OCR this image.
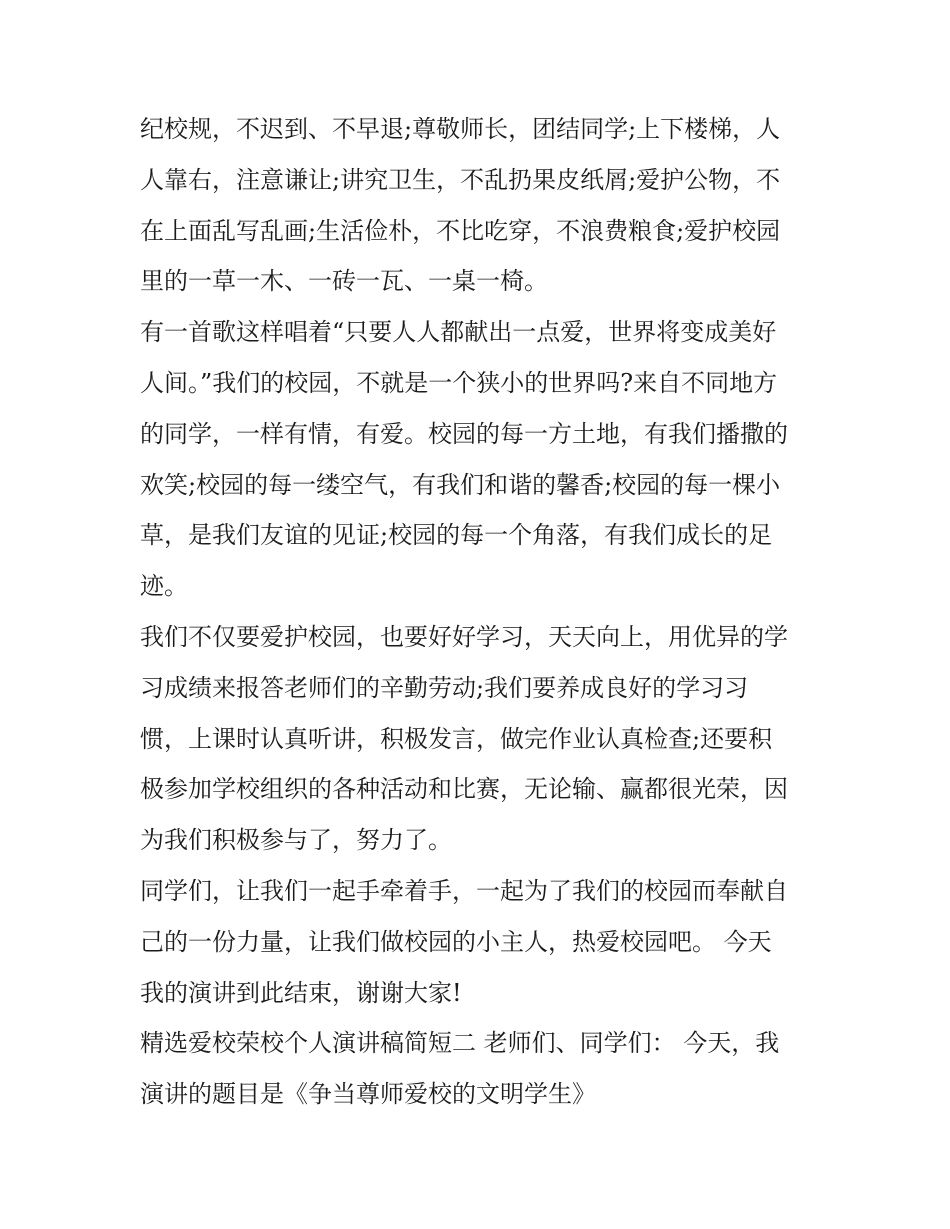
纪校规，不迟到、不早退;尊敬师长，团结同学;上下楼梯，人
人靠右，注意谦让;讲究卫生，不乱扔果皮纸屑;爱护公物，不
在上面乱写乱画;生活俭朴，不比吃穿，不浪费粮食;爱护校园
里的一草一木、一砖一瓦、一桌一椅。
有一首歌这样唱着“只要人人都献出一点爱，世界将变成美好
人间。”我们的校园，不就是一个狭小的世界吗?来自不同地方
的同学，一样有情，有爱。校园的每一方土地，有我们播撒的
欢笑;校园的每一缕空气，有我们和谐的馨香;校园的每一棵小
草，是我们友谊的见证;校园的每一个角落，有我们成长的足
迹。
我们不仅要爱护校园，也要好好学习，天天向上，用优异的学
习成绩来报答老师们的辛勤劳动;我们要养成良好的学习习
惯，上课时认真听讲，积极发言，做完作业认真检查;还要积
极参加学校组织的各种活动和比赛，无论输、赢都很光荣，因
为我们积极参与了，努力了。
同学们，让我们一起手牵着手，一起为了我们的校园而奉献自
己的一份力量，让我们做校园的小主人，热爱校园吧。 今天
我的演讲到此结束，谢谢大家!
精选爱校荣校个人演讲稿简短二 老师们、同学们： 今天，我
演讲的题目是《争当尊师爱校的文明学生》
